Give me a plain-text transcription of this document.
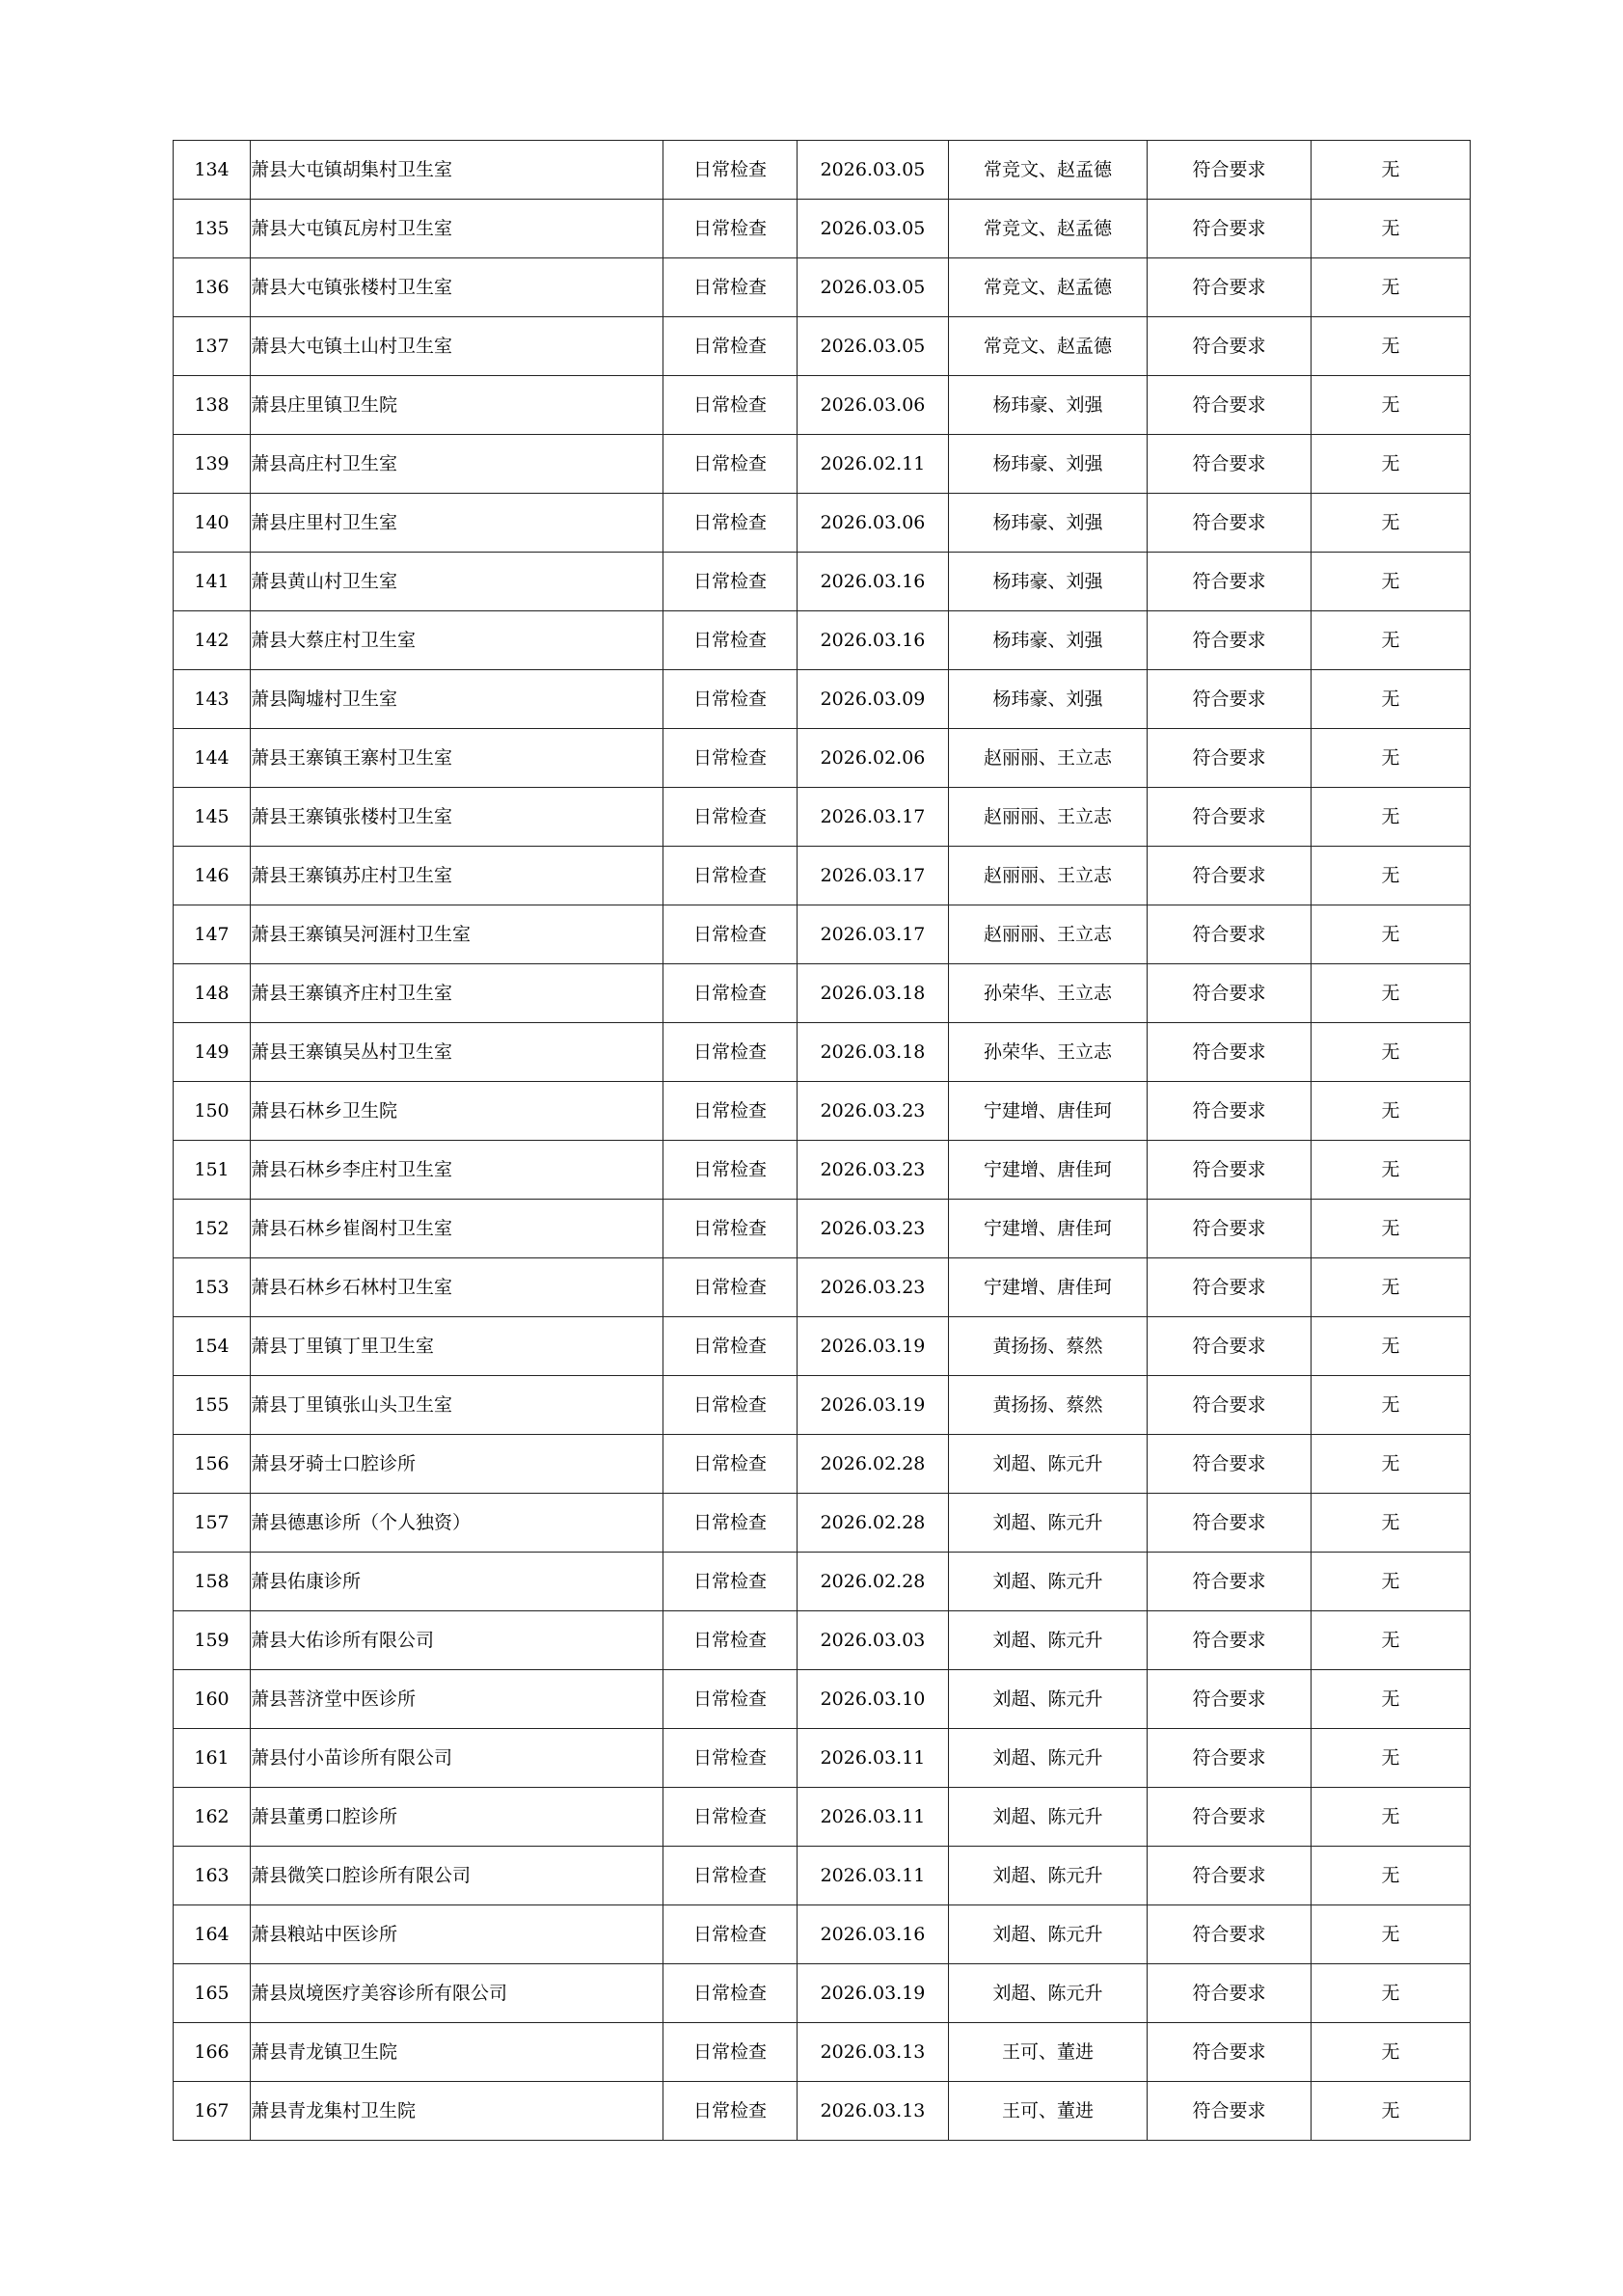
134	萧县大屯镇胡集村卫生室	日常检查	2026.03.05	常竞文、赵孟德	符合要求	无
135	萧县大屯镇瓦房村卫生室	日常检查	2026.03.05	常竞文、赵孟德	符合要求	无
136	萧县大屯镇张楼村卫生室	日常检查	2026.03.05	常竞文、赵孟德	符合要求	无
137	萧县大屯镇土山村卫生室	日常检查	2026.03.05	常竞文、赵孟德	符合要求	无
138	萧县庄里镇卫生院	日常检查	2026.03.06	杨玮豪、刘强	符合要求	无
139	萧县高庄村卫生室	日常检查	2026.02.11	杨玮豪、刘强	符合要求	无
140	萧县庄里村卫生室	日常检查	2026.03.06	杨玮豪、刘强	符合要求	无
141	萧县黄山村卫生室	日常检查	2026.03.16	杨玮豪、刘强	符合要求	无
142	萧县大蔡庄村卫生室	日常检查	2026.03.16	杨玮豪、刘强	符合要求	无
143	萧县陶墟村卫生室	日常检查	2026.03.09	杨玮豪、刘强	符合要求	无
144	萧县王寨镇王寨村卫生室	日常检查	2026.02.06	赵丽丽、王立志	符合要求	无
145	萧县王寨镇张楼村卫生室	日常检查	2026.03.17	赵丽丽、王立志	符合要求	无
146	萧县王寨镇苏庄村卫生室	日常检查	2026.03.17	赵丽丽、王立志	符合要求	无
147	萧县王寨镇吴河涯村卫生室	日常检查	2026.03.17	赵丽丽、王立志	符合要求	无
148	萧县王寨镇齐庄村卫生室	日常检查	2026.03.18	孙荣华、王立志	符合要求	无
149	萧县王寨镇吴丛村卫生室	日常检查	2026.03.18	孙荣华、王立志	符合要求	无
150	萧县石林乡卫生院	日常检查	2026.03.23	宁建增、唐佳珂	符合要求	无
151	萧县石林乡李庄村卫生室	日常检查	2026.03.23	宁建增、唐佳珂	符合要求	无
152	萧县石林乡崔阁村卫生室	日常检查	2026.03.23	宁建增、唐佳珂	符合要求	无
153	萧县石林乡石林村卫生室	日常检查	2026.03.23	宁建增、唐佳珂	符合要求	无
154	萧县丁里镇丁里卫生室	日常检查	2026.03.19	黄扬扬、蔡然	符合要求	无
155	萧县丁里镇张山头卫生室	日常检查	2026.03.19	黄扬扬、蔡然	符合要求	无
156	萧县牙骑士口腔诊所	日常检查	2026.02.28	刘超、陈元升	符合要求	无
157	萧县德惠诊所（个人独资）	日常检查	2026.02.28	刘超、陈元升	符合要求	无
158	萧县佑康诊所	日常检查	2026.02.28	刘超、陈元升	符合要求	无
159	萧县大佑诊所有限公司	日常检查	2026.03.03	刘超、陈元升	符合要求	无
160	萧县菩济堂中医诊所	日常检查	2026.03.10	刘超、陈元升	符合要求	无
161	萧县付小苗诊所有限公司	日常检查	2026.03.11	刘超、陈元升	符合要求	无
162	萧县董勇口腔诊所	日常检查	2026.03.11	刘超、陈元升	符合要求	无
163	萧县微笑口腔诊所有限公司	日常检查	2026.03.11	刘超、陈元升	符合要求	无
164	萧县粮站中医诊所	日常检查	2026.03.16	刘超、陈元升	符合要求	无
165	萧县岚境医疗美容诊所有限公司	日常检查	2026.03.19	刘超、陈元升	符合要求	无
166	萧县青龙镇卫生院	日常检查	2026.03.13	王可、董进	符合要求	无
167	萧县青龙集村卫生院	日常检查	2026.03.13	王可、董进	符合要求	无
